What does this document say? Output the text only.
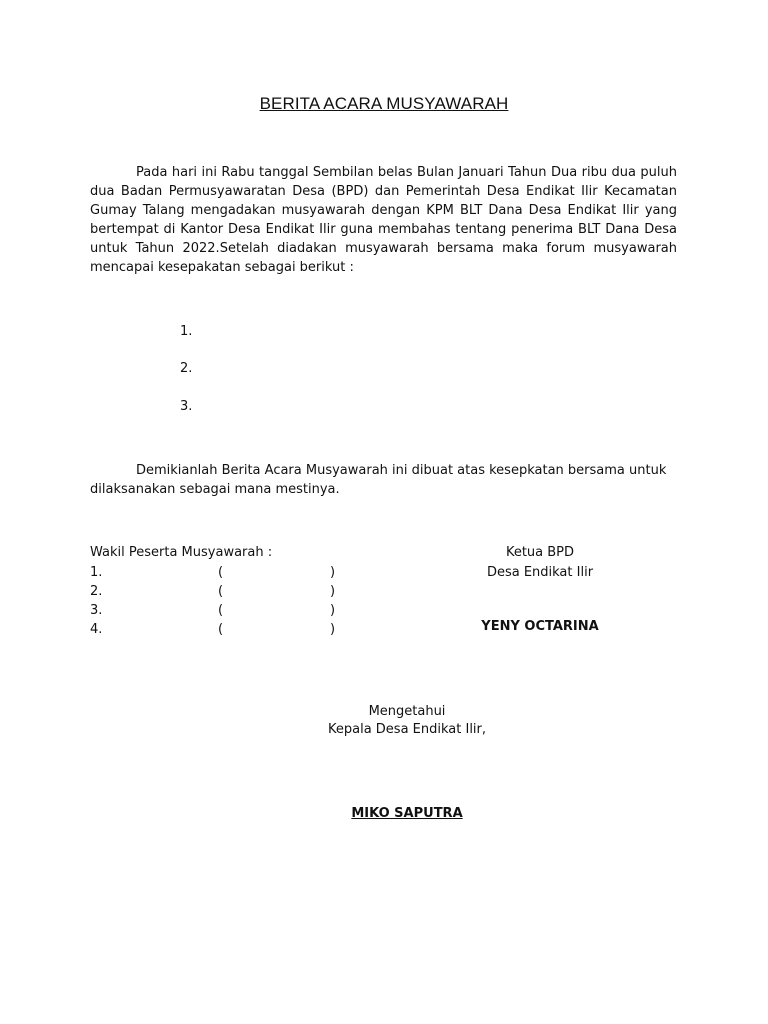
BERITA ACARA MUSYAWARAH
Pada hari ini Rabu tanggal Sembilan belas Bulan Januari Tahun Dua ribu dua puluh dua Badan Permusyawaratan Desa (BPD) dan Pemerintah Desa Endikat Ilir Kecamatan Gumay Talang mengadakan musyawarah dengan KPM BLT Dana Desa Endikat Ilir yang bertempat di Kantor Desa Endikat Ilir guna membahas tentang penerima BLT Dana Desa untuk Tahun 2022.Setelah diadakan musyawarah bersama maka forum musyawarah mencapai kesepakatan sebagai berikut :
1.
2.
3.
Demikianlah Berita Acara Musyawarah ini dibuat atas kesepkatan bersama untuk dilaksanakan sebagai mana mestinya.
Wakil Peserta Musyawarah :
1.	(	)
2.	(	)
3.	(	)
4.	(	)
Ketua BPD
Desa Endikat Ilir
YENY OCTARINA
Mengetahui
Kepala Desa Endikat Ilir,
MIKO SAPUTRA
